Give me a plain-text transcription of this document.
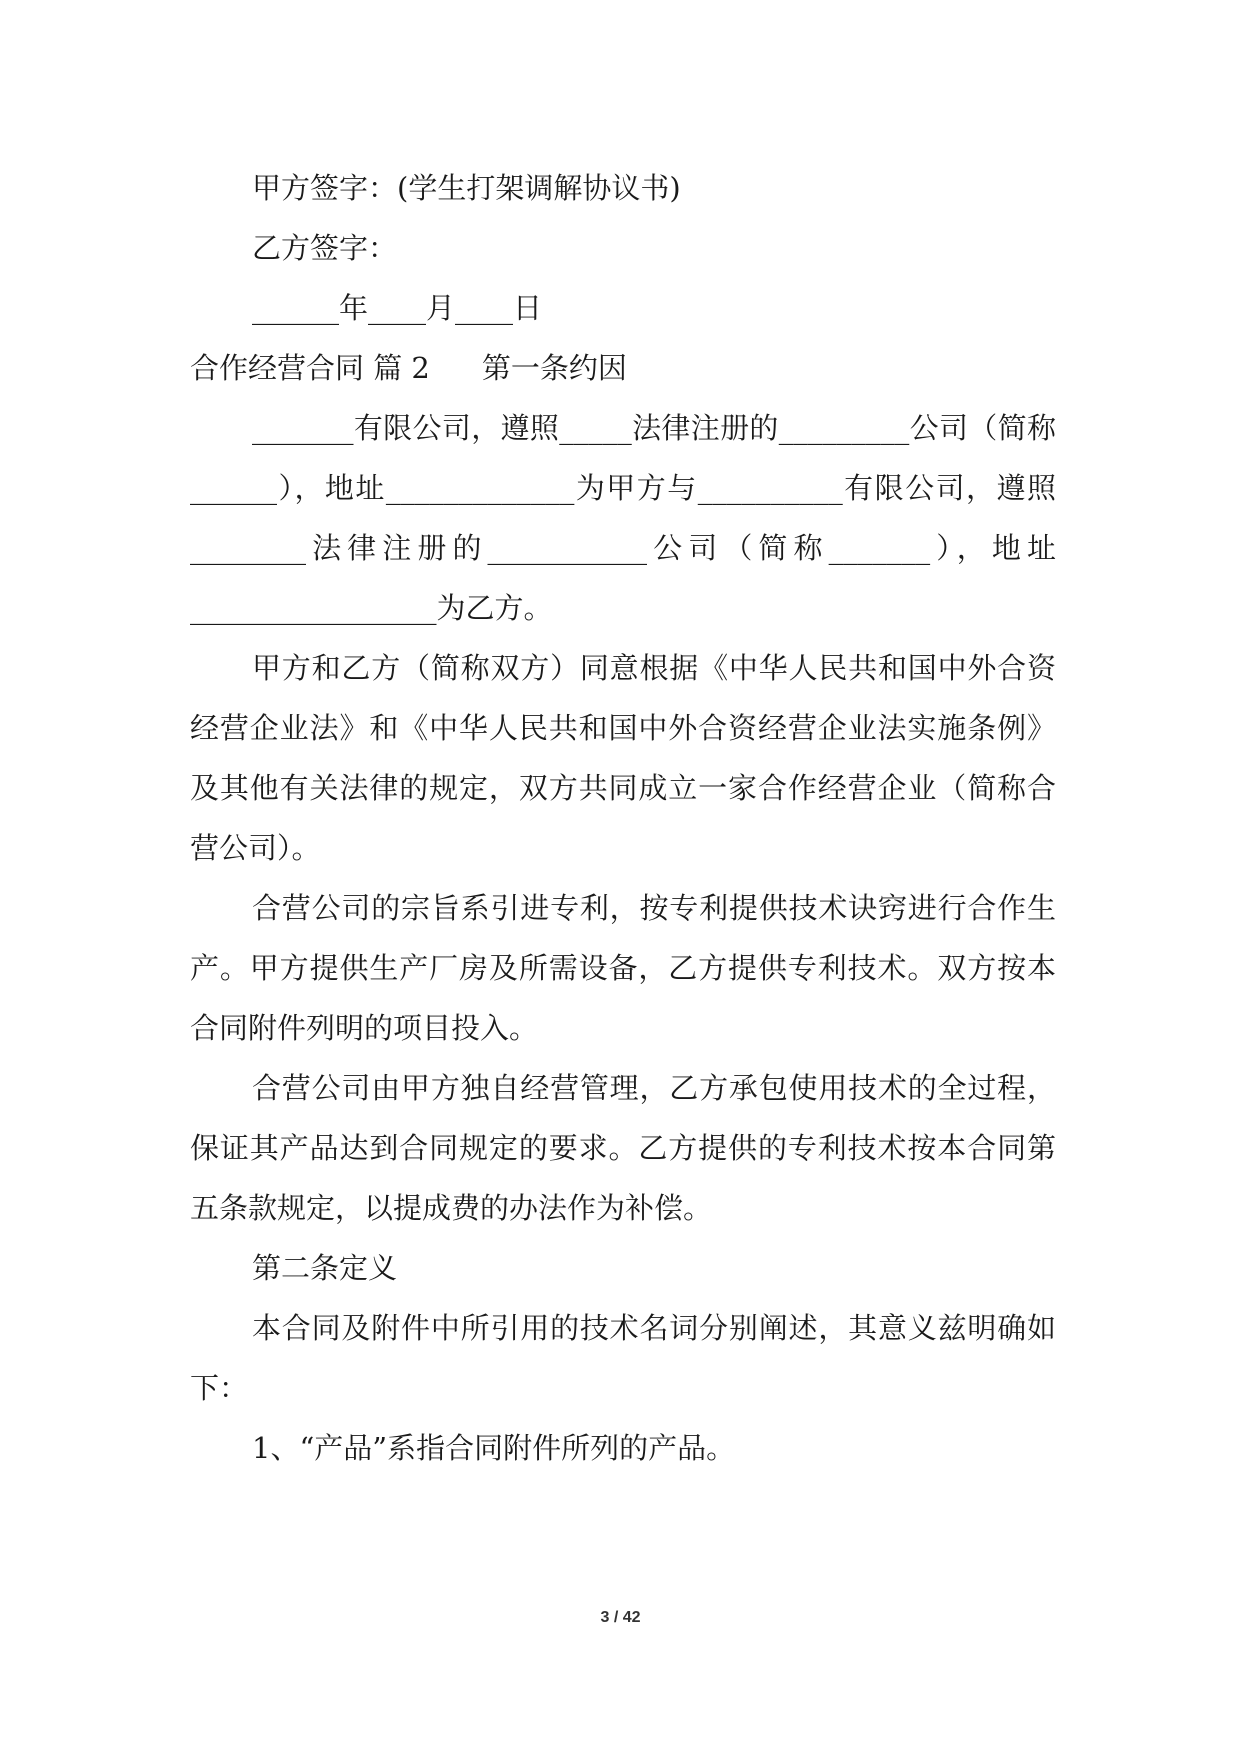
甲方签字：(学生打架调解协议书)

乙方签字：

______年____月____日

合作经营合同 篇 2 第一条约因

_______有限公司，遵照_____法律注册的_________公司（简称______），地址_____________为甲方与__________有限公司，遵照________法律注册的___________公司（简称_______），地址_________________为乙方。

甲方和乙方（简称双方）同意根据《中华人民共和国中外合资经营企业法》和《中华人民共和国中外合资经营企业法实施条例》及其他有关法律的规定，双方共同成立一家合作经营企业（简称合营公司）。

合营公司的宗旨系引进专利，按专利提供技术诀窍进行合作生产。甲方提供生产厂房及所需设备，乙方提供专利技术。双方按本合同附件列明的项目投入。

合营公司由甲方独自经营管理，乙方承包使用技术的全过程，保证其产品达到合同规定的要求。乙方提供的专利技术按本合同第五条款规定，以提成费的办法作为补偿。

第二条定义

本合同及附件中所引用的技术名词分别阐述，其意义兹明确如下：

1、“产品”系指合同附件所列的产品。

3 / 42
